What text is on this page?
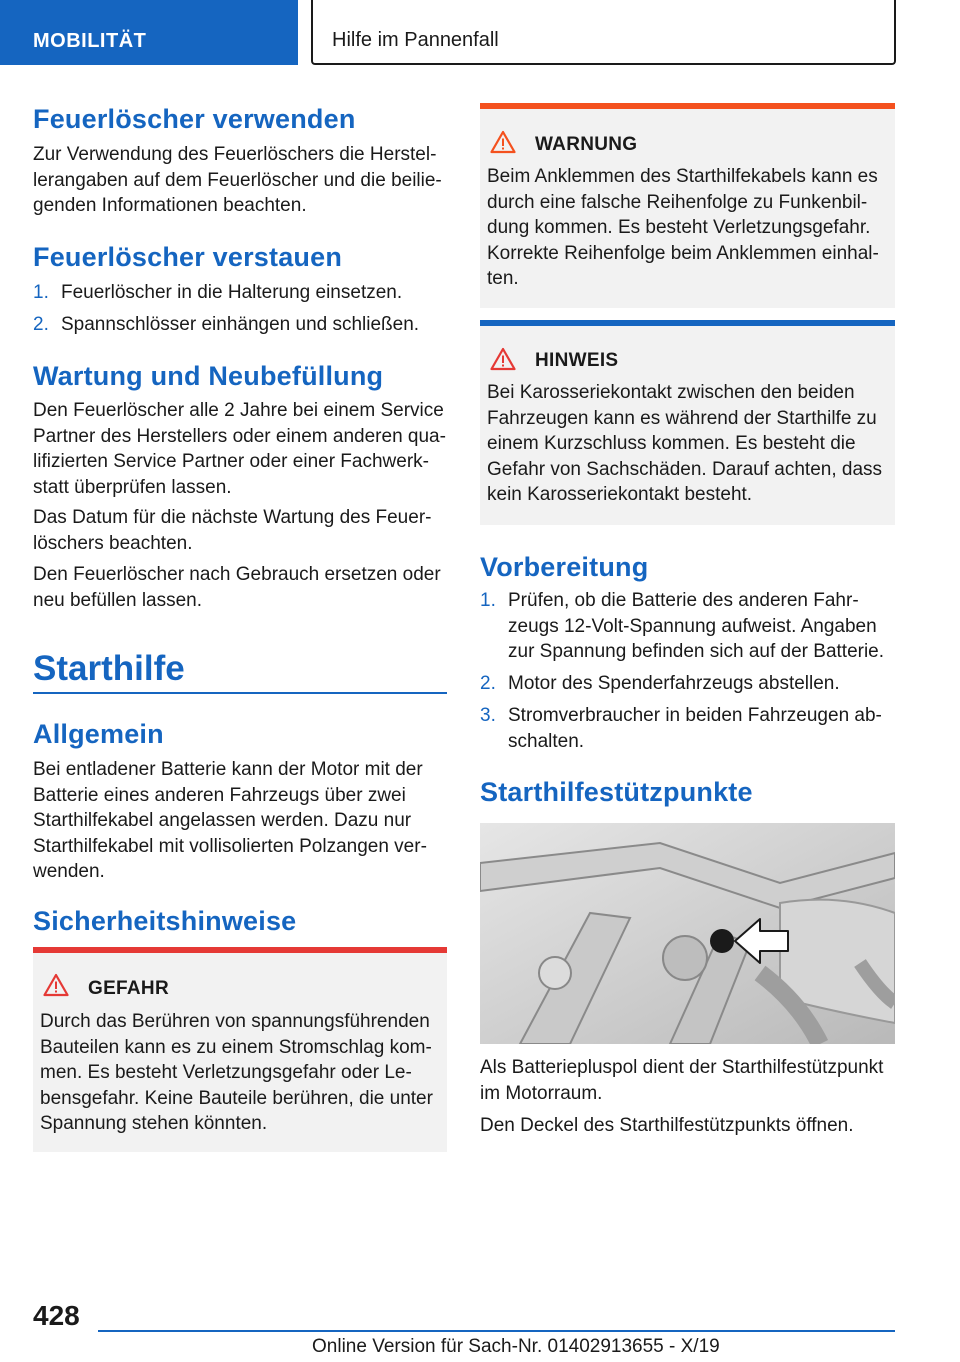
MOBILITÄT	Hilfe im Pannenfall
Feuerlöscher verwenden
Zur Verwendung des Feuerlöschers die Herstel-
lerangaben auf dem Feuerlöscher und die beilie-
genden Informationen beachten.
Feuerlöscher verstauen
1. Feuerlöscher in die Halterung einsetzen.
2. Spannschlösser einhängen und schließen.
Wartung und Neubefüllung
Den Feuerlöscher alle 2 Jahre bei einem Service
Partner des Herstellers oder einem anderen qua-
lifizierten Service Partner oder einer Fachwerk-
statt überprüfen lassen.
Das Datum für die nächste Wartung des Feuer-
löschers beachten.
Den Feuerlöscher nach Gebrauch ersetzen oder
neu befüllen lassen.
Starthilfe
Allgemein
Bei entladener Batterie kann der Motor mit der
Batterie eines anderen Fahrzeugs über zwei
Starthilfekabel angelassen werden. Dazu nur
Starthilfekabel mit vollisolierten Polzangen ver-
wenden.
Sicherheitshinweise
GEFAHR
Durch das Berühren von spannungsführenden
Bauteilen kann es zu einem Stromschlag kom-
men. Es besteht Verletzungsgefahr oder Le-
bensgefahr. Keine Bauteile berühren, die unter
Spannung stehen könnten.
WARNUNG
Beim Anklemmen des Starthilfekabels kann es
durch eine falsche Reihenfolge zu Funkenbil-
dung kommen. Es besteht Verletzungsgefahr.
Korrekte Reihenfolge beim Anklemmen einhal-
ten.
HINWEIS
Bei Karosseriekontakt zwischen den beiden
Fahrzeugen kann es während der Starthilfe zu
einem Kurzschluss kommen. Es besteht die
Gefahr von Sachschäden. Darauf achten, dass
kein Karosseriekontakt besteht.
Vorbereitung
1. Prüfen, ob die Batterie des anderen Fahr-
zeugs 12-Volt-Spannung aufweist. Angaben
zur Spannung befinden sich auf der Batterie.
2. Motor des Spenderfahrzeugs abstellen.
3. Stromverbraucher in beiden Fahrzeugen ab-
schalten.
Starthilfestützpunkte
Als Batteriepluspol dient der Starthilfestützpunkt
im Motorraum.
Den Deckel des Starthilfestützpunkts öffnen.
428
Online Version für Sach-Nr. 01402913655 - X/19
